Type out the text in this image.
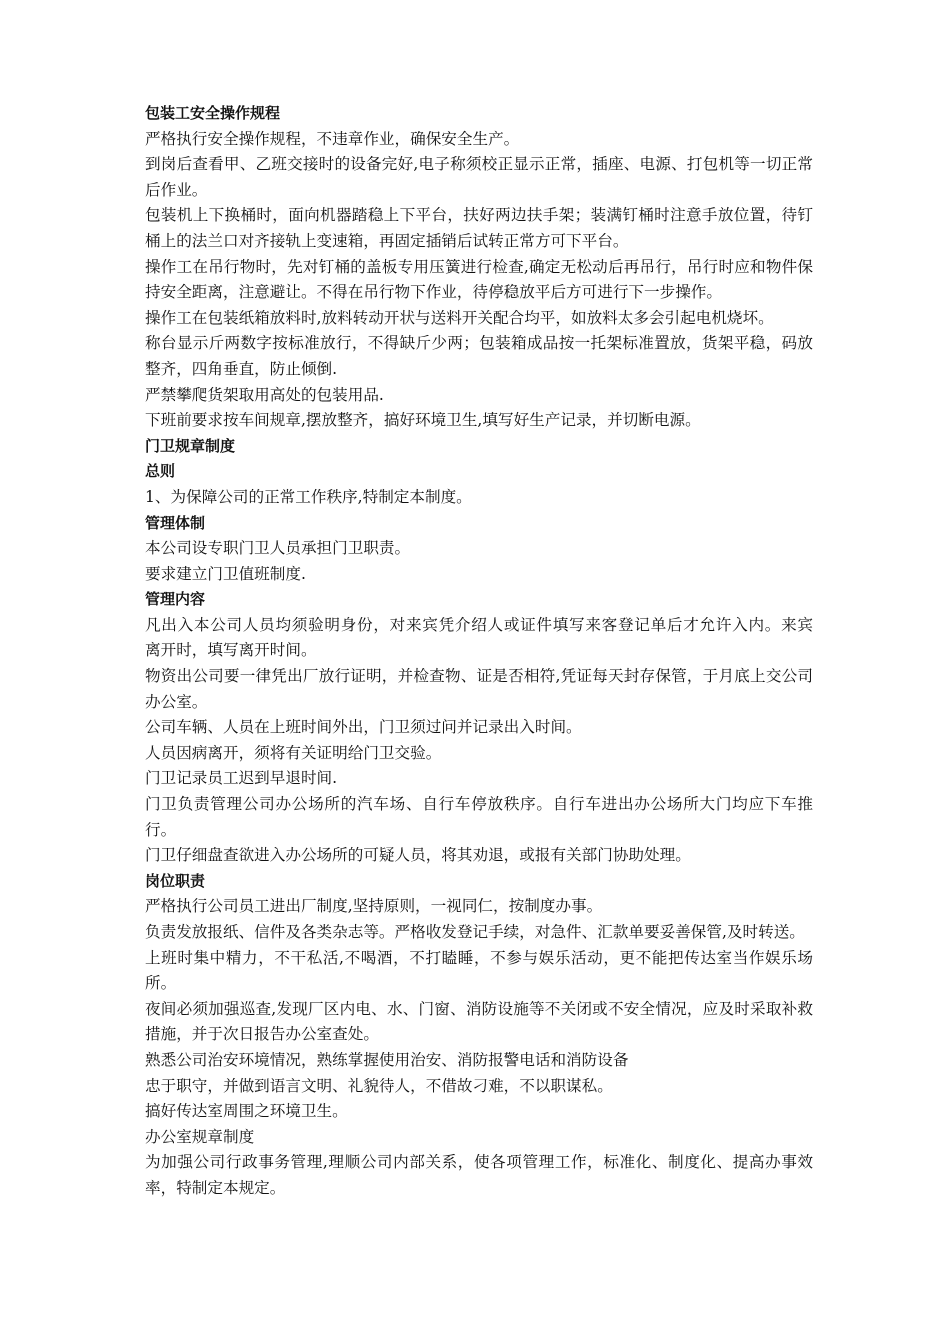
包装工安全操作规程

严格执行安全操作规程，不违章作业，确保安全生产。

到岗后查看甲、乙班交接时的设备完好,电子称须校正显示正常，插座、电源、打包机等一切正常后作业。

包装机上下换桶时，面向机器踏稳上下平台，扶好两边扶手架；装满钉桶时注意手放位置，待钉桶上的法兰口对齐接轨上变速箱，再固定插销后试转正常方可下平台。

操作工在吊行物时，先对钉桶的盖板专用压簧进行检查,确定无松动后再吊行，吊行时应和物件保持安全距离，注意避让。不得在吊行物下作业，待停稳放平后方可进行下一步操作。

操作工在包装纸箱放料时,放料转动开状与送料开关配合均平，如放料太多会引起电机烧坏。

称台显示斤两数字按标准放行，不得缺斤少两；包装箱成品按一托架标准置放，货架平稳，码放整齐，四角垂直，防止倾倒.

严禁攀爬货架取用高处的包装用品.

下班前要求按车间规章,摆放整齐，搞好环境卫生,填写好生产记录，并切断电源。

门卫规章制度

总则

1、为保障公司的正常工作秩序,特制定本制度。

管理体制

本公司设专职门卫人员承担门卫职责。

要求建立门卫值班制度.

管理内容

凡出入本公司人员均须验明身份，对来宾凭介绍人或证件填写来客登记单后才允许入内。来宾　离开时，填写离开时间。

物资出公司要一律凭出厂放行证明，并检查物、证是否相符,凭证每天封存保管，于月底上交公司办公室。

公司车辆、人员在上班时间外出，门卫须过问并记录出入时间。

人员因病离开，须将有关证明给门卫交验。

门卫记录员工迟到早退时间.

门卫负责管理公司办公场所的汽车场、自行车停放秩序。自行车进出办公场所大门均应下车推行。

门卫仔细盘查欲进入办公场所的可疑人员，将其劝退，或报有关部门协助处理。

岗位职责

严格执行公司员工进出厂制度,坚持原则，一视同仁，按制度办事。

负责发放报纸、信件及各类杂志等。严格收发登记手续，对急件、汇款单要妥善保管,及时转送。

上班时集中精力，不干私活,不喝酒，不打瞌睡，不参与娱乐活动，更不能把传达室当作娱乐场所。

夜间必须加强巡查,发现厂区内电、水、门窗、消防设施等不关闭或不安全情况，应及时采取补救措施，并于次日报告办公室查处。

熟悉公司治安环境情况，熟练掌握使用治安、消防报警电话和消防设备

忠于职守，并做到语言文明、礼貌待人，不借故刁难，不以职谋私。

搞好传达室周围之环境卫生。

办公室规章制度

为加强公司行政事务管理,理顺公司内部关系，使各项管理工作，标准化、制度化、提高办事效率，特制定本规定。
